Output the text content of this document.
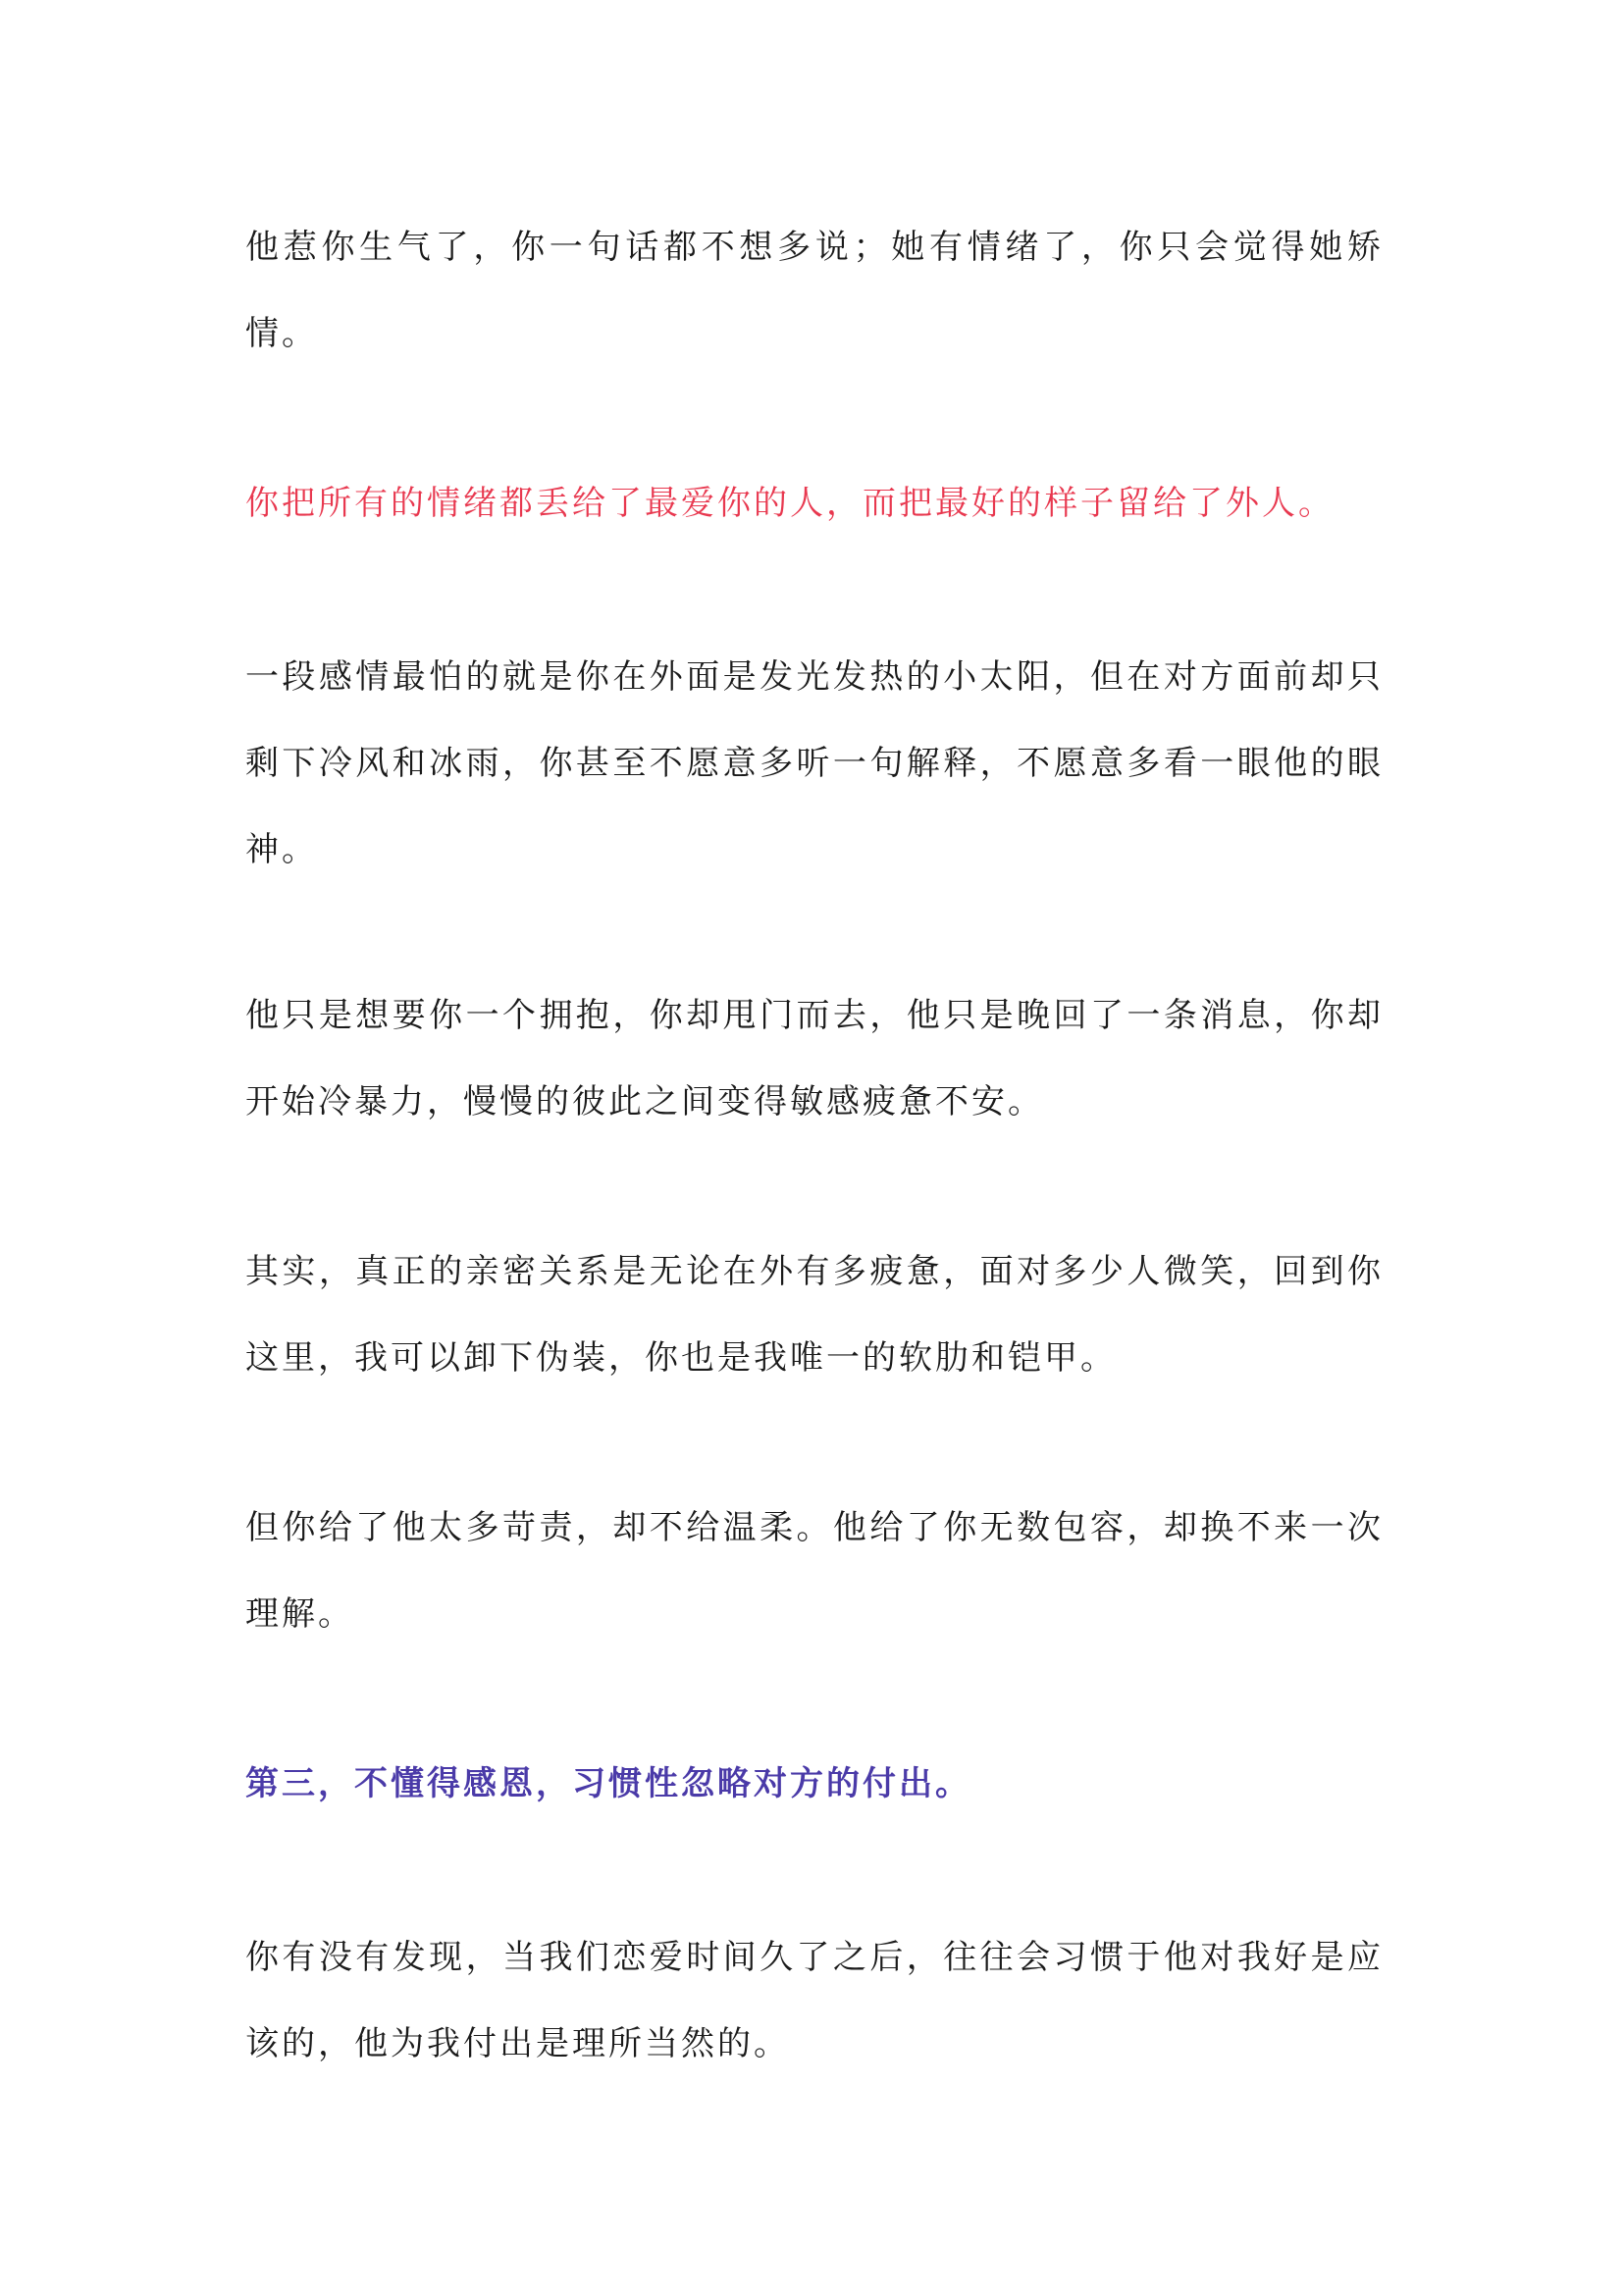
他惹你生气了，你一句话都不想多说；她有情绪了，你只会觉得她矫情。

你把所有的情绪都丢给了最爱你的人，而把最好的样子留给了外人。

一段感情最怕的就是你在外面是发光发热的小太阳，但在对方面前却只剩下冷风和冰雨，你甚至不愿意多听一句解释，不愿意多看一眼他的眼神。

他只是想要你一个拥抱，你却甩门而去，他只是晚回了一条消息，你却开始冷暴力，慢慢的彼此之间变得敏感疲惫不安。

其实，真正的亲密关系是无论在外有多疲惫，面对多少人微笑，回到你这里，我可以卸下伪装，你也是我唯一的软肋和铠甲。

但你给了他太多苛责，却不给温柔。他给了你无数包容，却换不来一次理解。

第三，不懂得感恩，习惯性忽略对方的付出。

你有没有发现，当我们恋爱时间久了之后，往往会习惯于他对我好是应该的，他为我付出是理所当然的。
